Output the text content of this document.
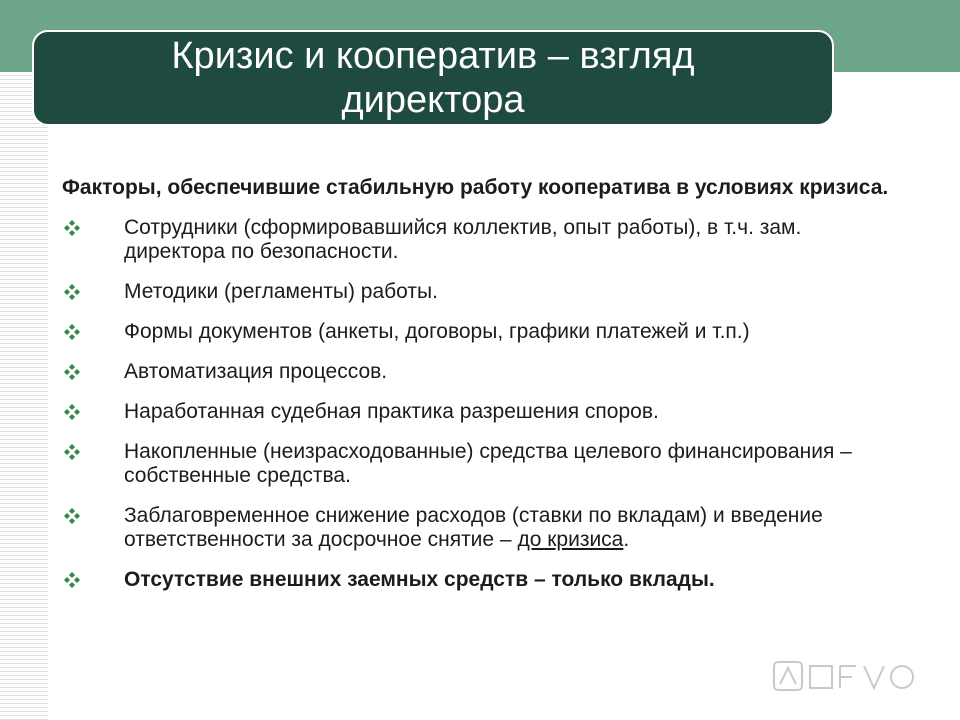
Кризис и кооператив – взгляд директора
Факторы, обеспечившие стабильную работу кооператива в условиях кризиса.
Сотрудники (сформировавшийся коллектив, опыт работы), в т.ч. зам. директора по безопасности.
Методики (регламенты) работы.
Формы документов (анкеты, договоры, графики платежей и т.п.)
Автоматизация процессов.
Наработанная судебная практика разрешения споров.
Накопленные (неизрасходованные) средства целевого финансирования – собственные средства.
Заблаговременное снижение расходов (ставки по вкладам) и введение ответственности за досрочное снятие – до кризиса.
Отсутствие внешних заемных средств – только вклады.
